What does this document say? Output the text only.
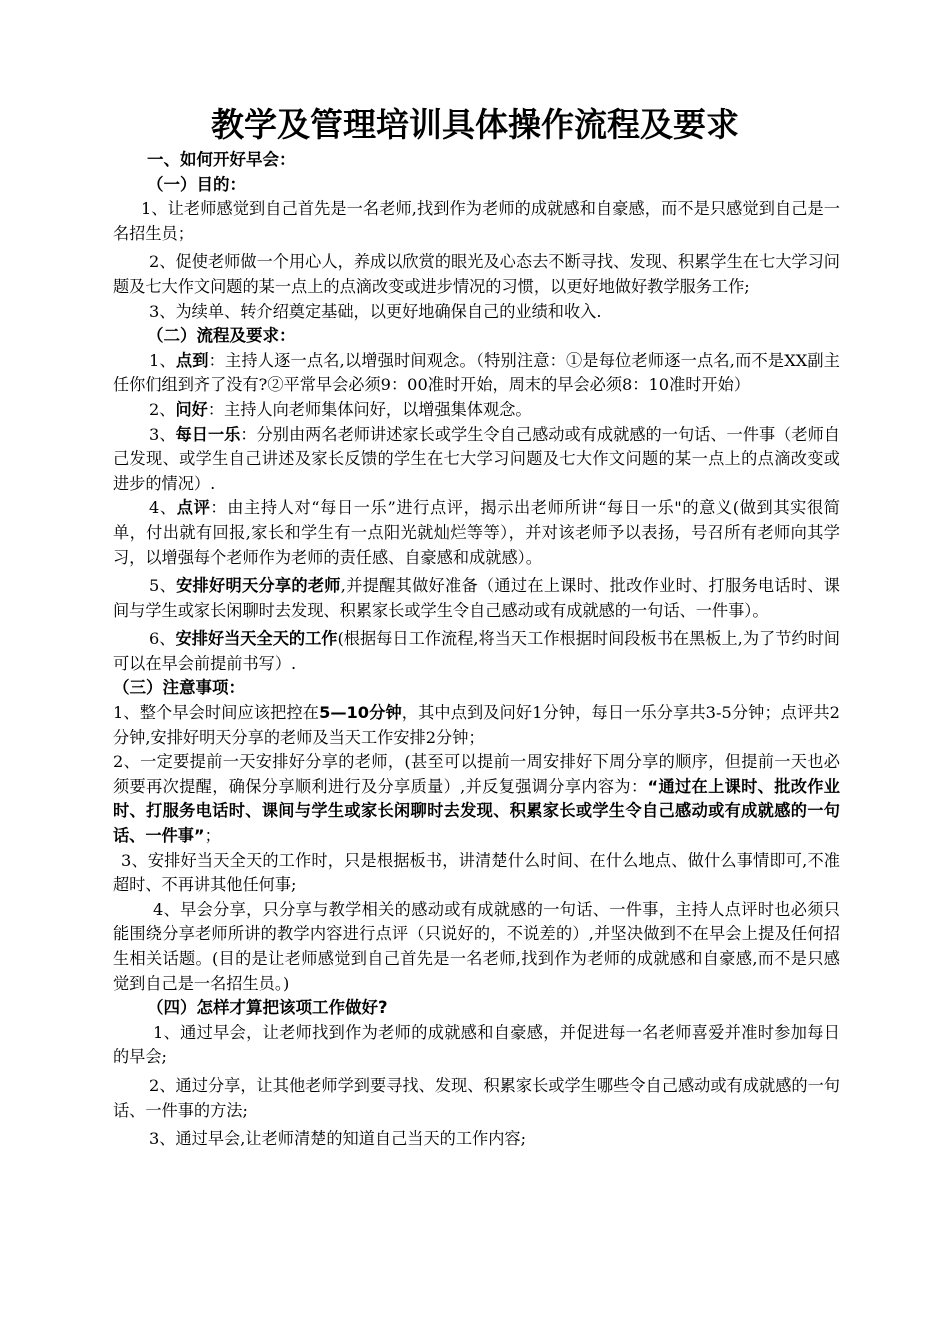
教学及管理培训具体操作流程及要求

一、如何开好早会：

（一）目的：

1、让老师感觉到自己首先是一名老师,找到作为老师的成就感和自豪感，而不是只感觉到自己是一名招生员；

2、促使老师做一个用心人，养成以欣赏的眼光及心态去不断寻找、发现、积累学生在七大学习问题及七大作文问题的某一点上的点滴改变或进步情况的习惯，以更好地做好教学服务工作;

3、为续单、转介绍奠定基础，以更好地确保自己的业绩和收入.

（二）流程及要求：

1、点到：主持人逐一点名,以增强时间观念。（特别注意：①是每位老师逐一点名,而不是XX副主任你们组到齐了没有?②平常早会必须9：00准时开始，周末的早会必须8：10准时开始）

2、问好：主持人向老师集体问好，以增强集体观念。

3、每日一乐：分别由两名老师讲述家长或学生令自己感动或有成就感的一句话、一件事（老师自己发现、或学生自己讲述及家长反馈的学生在七大学习问题及七大作文问题的某一点上的点滴改变或进步的情况）.

4、点评：由主持人对“每日一乐”进行点评，揭示出老师所讲“每日一乐"的意义(做到其实很简单，付出就有回报,家长和学生有一点阳光就灿烂等等），并对该老师予以表扬，号召所有老师向其学习，以增强每个老师作为老师的责任感、自豪感和成就感）。

5、安排好明天分享的老师,并提醒其做好准备（通过在上课时、批改作业时、打服务电话时、课间与学生或家长闲聊时去发现、积累家长或学生令自己感动或有成就感的一句话、一件事）。

6、安排好当天全天的工作(根据每日工作流程,将当天工作根据时间段板书在黑板上,为了节约时间可以在早会前提前书写）.

（三）注意事项：

1、整个早会时间应该把控在5—10分钟，其中点到及问好1分钟，每日一乐分享共3-5分钟；点评共2分钟,安排好明天分享的老师及当天工作安排2分钟；

2、一定要提前一天安排好分享的老师，(甚至可以提前一周安排好下周分享的顺序，但提前一天也必须要再次提醒，确保分享顺利进行及分享质量）,并反复强调分享内容为：“通过在上课时、批改作业时、打服务电话时、课间与学生或家长闲聊时去发现、积累家长或学生令自己感动或有成就感的一句话、一件事”；

3、安排好当天全天的工作时，只是根据板书，讲清楚什么时间、在什么地点、做什么事情即可,不准超时、不再讲其他任何事;

4、早会分享，只分享与教学相关的感动或有成就感的一句话、一件事，主持人点评时也必须只能围绕分享老师所讲的教学内容进行点评（只说好的，不说差的）,并坚决做到不在早会上提及任何招生相关话题。(目的是让老师感觉到自己首先是一名老师,找到作为老师的成就感和自豪感,而不是只感觉到自己是一名招生员。)

（四）怎样才算把该项工作做好?

1、通过早会，让老师找到作为老师的成就感和自豪感，并促进每一名老师喜爱并准时参加每日的早会;

2、通过分享，让其他老师学到要寻找、发现、积累家长或学生哪些令自己感动或有成就感的一句话、一件事的方法;

3、通过早会,让老师清楚的知道自己当天的工作内容;
